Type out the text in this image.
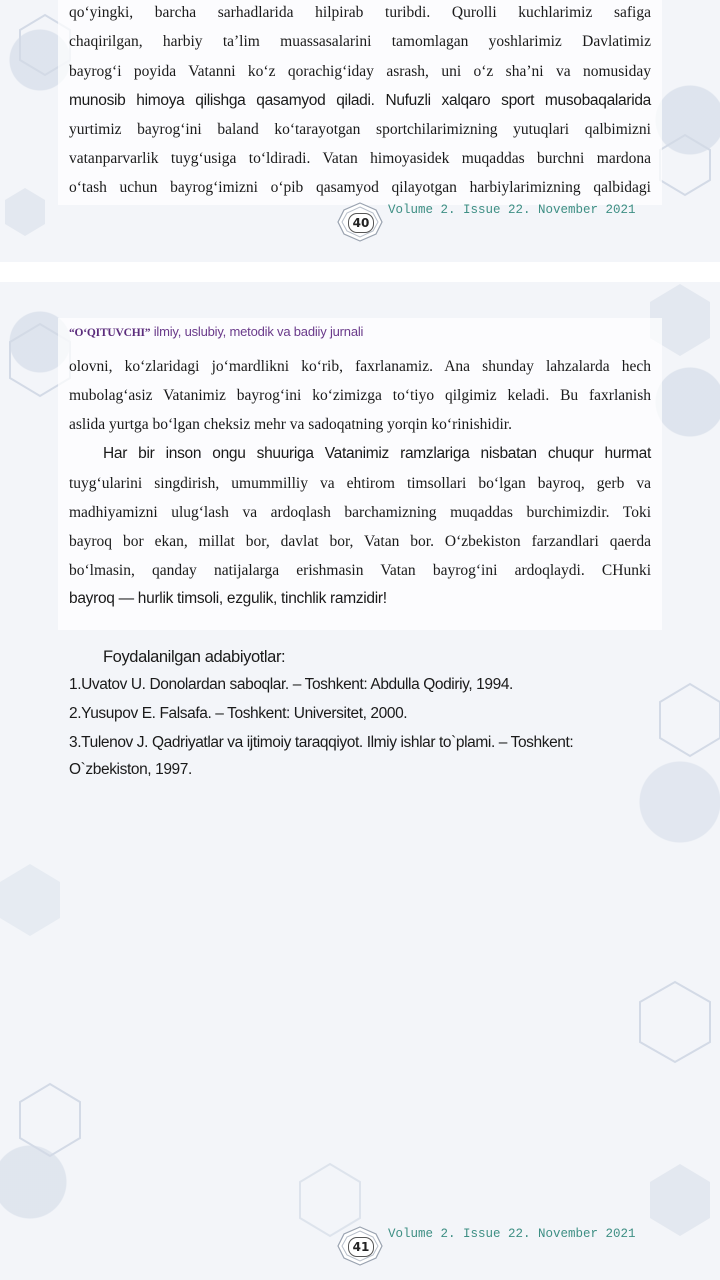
qo‘yingki, barcha sarhadlarida hilpirab turibdi. Qurolli kuchlarimiz safiga
chaqirilgan, harbiy ta’lim muassasalarini tamomlagan yoshlarimiz Davlatimiz
bayrog‘i poyida Vatanni ko‘z qorachig‘iday asrash, uni o‘z sha’ni va nomusiday
munosib himoya qilishga qasamyod qiladi. Nufuzli xalqaro sport musobaqalarida
yurtimiz bayrog‘ini baland ko‘tarayotgan sportchilarimizning yutuqlari qalbimizni
vatanparvarlik tuyg‘usiga to‘ldiradi. Vatan himoyasidek muqaddas burchni mardona
o‘tash uchun bayrog‘imizni o‘pib qasamyod qilayotgan harbiylarimizning qalbidagi
40
Volume 2. Issue 22. November 2021
“O‘QITUVCHI” ilmiy, uslubiy, metodik va badiiy jurnali
olovni, ko‘zlaridagi jo‘mardlikni ko‘rib, faxrlanamiz. Ana shunday lahzalarda hech
mubolag‘asiz Vatanimiz bayrog‘ini ko‘zimizga to‘tiyo qilgimiz keladi. Bu faxrlanish
aslida yurtga bo‘lgan cheksiz mehr va sadoqatning yorqin ko‘rinishidir.
Har bir inson ongu shuuriga Vatanimiz ramzlariga nisbatan chuqur hurmat
tuyg‘ularini singdirish, umummilliy va ehtirom timsollari bo‘lgan bayroq, gerb va
madhiyamizni ulug‘lash va ardoqlash barchamizning muqaddas burchimizdir. Toki
bayroq bor ekan, millat bor, davlat bor, Vatan bor. O‘zbekiston farzandlari qaerda
bo‘lmasin, qanday natijalarga erishmasin Vatan bayrog‘ini ardoqlaydi. CHunki
bayroq — hurlik timsoli, ezgulik, tinchlik ramzidir!
Foydalanilgan adabiyotlar:
1.Uvatov U. Donolardan saboqlar. – Toshkent: Abdulla Qodiriy, 1994.
2.Yusupov E. Falsafa. – Toshkent: Universitet, 2000.
3.Tulenov J. Qadriyatlar va ijtimoiy taraqqiyot. Ilmiy ishlar to`plami. – Toshkent:
O`zbekiston, 1997.
41
Volume 2. Issue 22. November 2021
